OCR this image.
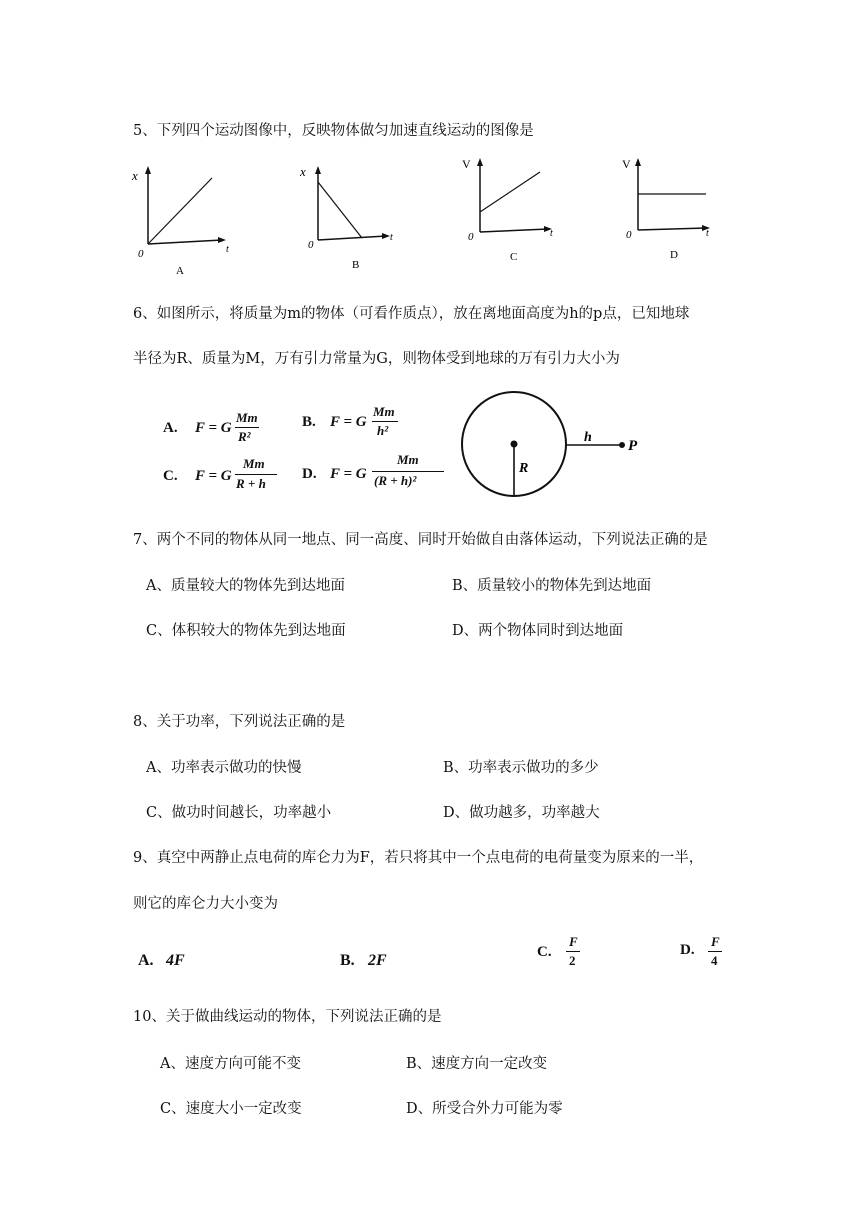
5、下列四个运动图像中，反映物体做匀加速直线运动的图像是
x
0	t
A
x
0
t
B
V
0	t
C
V
0	t
D
6、如图所示，将质量为m的物体（可看作质点），放在离地面高度为h的p点，已知地球
半径为R、质量为M，万有引力常量为G，则物体受到地球的万有引力大小为
A. F = G
Mm
R²
B. F = G
Mm
h²
C. F = G
Mm
R + h
D. F = G
Mm
(R + h)²
R
h
P
7、两个不同的物体从同一地点、同一高度、同时开始做自由落体运动，下列说法正确的是
A、质量较大的物体先到达地面	B、质量较小的物体先到达地面
C、体积较大的物体先到达地面	D、两个物体同时到达地面
8、关于功率，下列说法正确的是
A、功率表示做功的快慢	B、功率表示做功的多少
C、做功时间越长，功率越小	D、做功越多，功率越大
9、真空中两静止点电荷的库仑力为F，若只将其中一个点电荷的电荷量变为原来的一半，
则它的库仑力大小变为
A. 4F	B. 2F	C.
F
2
D.
F
4
10、关于做曲线运动的物体，下列说法正确的是
A、速度方向可能不变	B、速度方向一定改变
C、速度大小一定改变	D、所受合外力可能为零
